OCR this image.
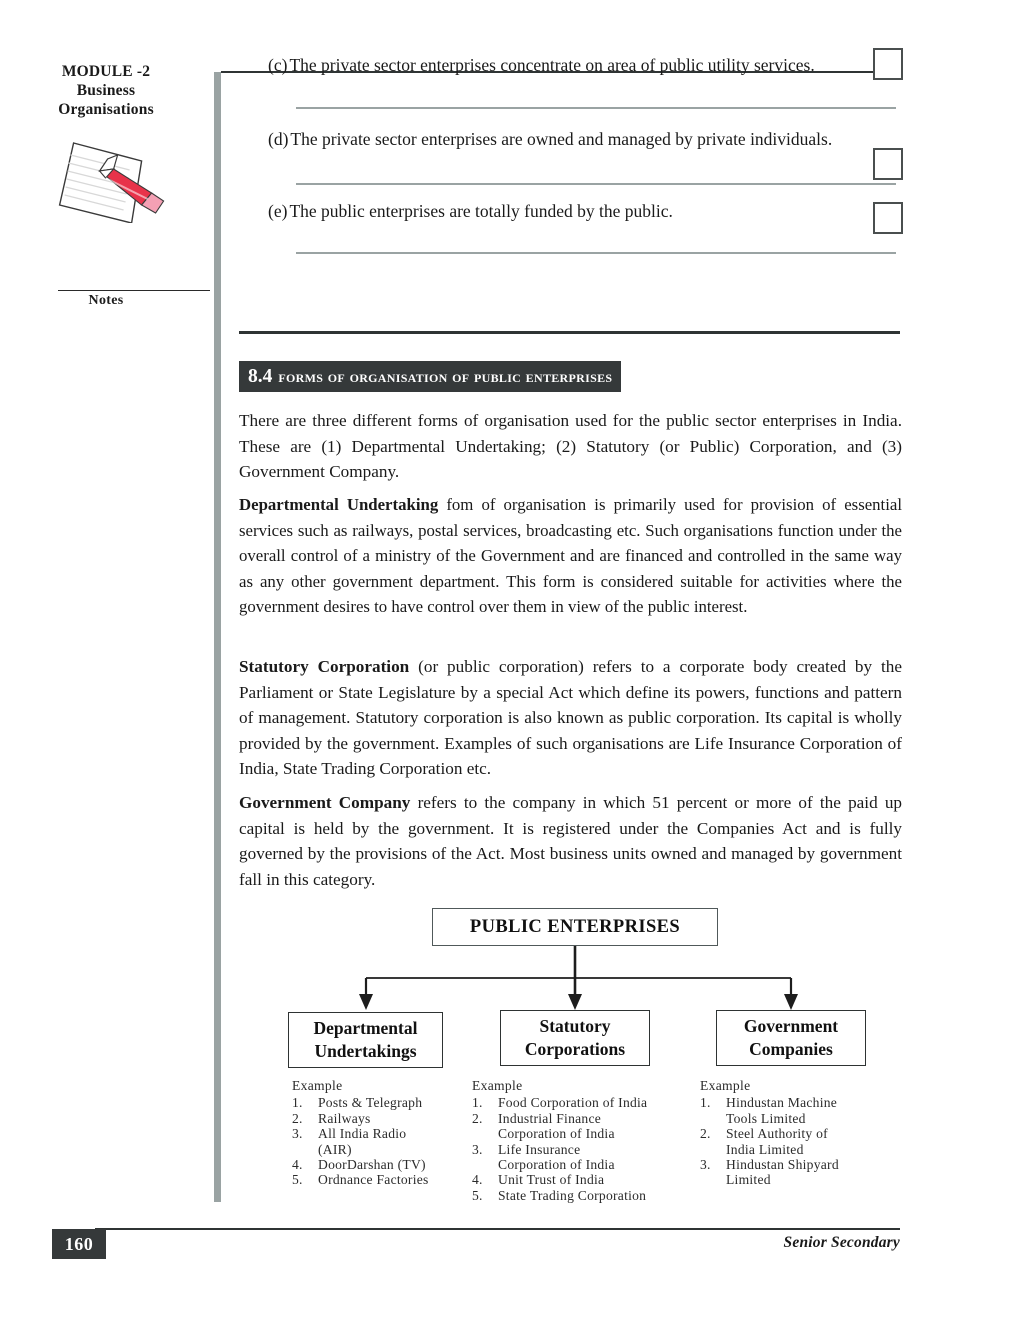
MODULE -2
Business
Organisations
Notes
(c) The private sector enterprises concentrate on area of public utility services.
(d) The private sector enterprises are owned and managed by private individuals.
(e) The public enterprises are totally funded by the public.
8.4 forms of organisation of public enterprises
There are three different forms of organisation used for the public sector enterprises in India. These are (1) Departmental Undertaking; (2) Statutory (or Public) Corporation, and (3) Government Company.
Departmental Undertaking fom of organisation is primarily used for provision of essential services such as railways, postal services, broadcasting etc. Such organisations function under the overall control of a ministry of the Government and are financed and controlled in the same way as any other government department. This form is considered suitable for activities where the government desires to have control over them in view of the public interest.
Statutory Corporation (or public corporation) refers to a corporate body created by the Parliament or State Legislature by a special Act which define its powers, functions and pattern of management. Statutory corporation is also known as public corporation. Its capital is wholly provided by the government. Examples of such organisations are Life Insurance Corporation of India, State Trading Corporation etc.
Government Company refers to the company in which 51 percent or more of the paid up capital is held by the government. It is registered under the Companies Act and is fully governed by the provisions of the Act. Most business units owned and managed by government fall in this category.
PUBLIC ENTERPRISES
Departmental
Undertakings
Statutory
Corporations
Government
Companies
Example
1. Posts & Telegraph
2. Railways
3. All India Radio
(AIR)
4. DoorDarshan (TV)
5. Ordnance Factories
Example
1. Food Corporation of India
2. Industrial Finance
Corporation of India
3. Life Insurance
Corporation of India
4. Unit Trust of India
5. State Trading Corporation
Example
1. Hindustan Machine
Tools Limited
2. Steel Authority of
India Limited
3. Hindustan Shipyard
Limited
160	Senior Secondary
